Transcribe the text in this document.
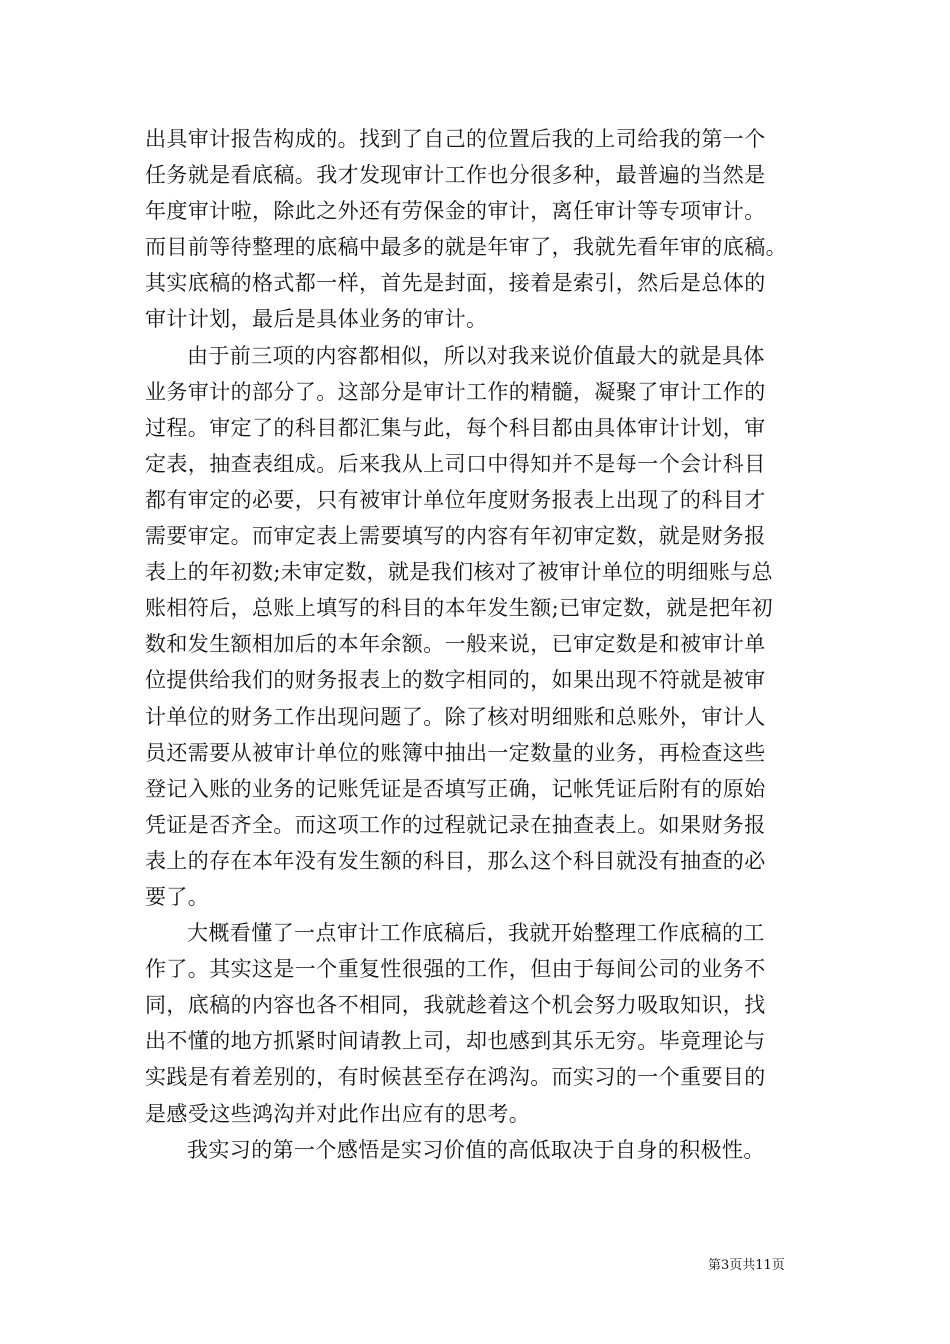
出具审计报告构成的。找到了自己的位置后我的上司给我的第一个
任务就是看底稿。我才发现审计工作也分很多种，最普遍的当然是
年度审计啦，除此之外还有劳保金的审计，离任审计等专项审计。
而目前等待整理的底稿中最多的就是年审了，我就先看年审的底稿。
其实底稿的格式都一样，首先是封面，接着是索引，然后是总体的
审计计划，最后是具体业务的审计。
由于前三项的内容都相似，所以对我来说价值最大的就是具体
业务审计的部分了。这部分是审计工作的精髓，凝聚了审计工作的
过程。审定了的科目都汇集与此，每个科目都由具体审计计划，审
定表，抽查表组成。后来我从上司口中得知并不是每一个会计科目
都有审定的必要，只有被审计单位年度财务报表上出现了的科目才
需要审定。而审定表上需要填写的内容有年初审定数，就是财务报
表上的年初数;未审定数，就是我们核对了被审计单位的明细账与总
账相符后，总账上填写的科目的本年发生额;已审定数，就是把年初
数和发生额相加后的本年余额。一般来说，已审定数是和被审计单
位提供给我们的财务报表上的数字相同的，如果出现不符就是被审
计单位的财务工作出现问题了。除了核对明细账和总账外，审计人
员还需要从被审计单位的账簿中抽出一定数量的业务，再检查这些
登记入账的业务的记账凭证是否填写正确，记帐凭证后附有的原始
凭证是否齐全。而这项工作的过程就记录在抽查表上。如果财务报
表上的存在本年没有发生额的科目，那么这个科目就没有抽查的必
要了。
大概看懂了一点审计工作底稿后，我就开始整理工作底稿的工
作了。其实这是一个重复性很强的工作，但由于每间公司的业务不
同，底稿的内容也各不相同，我就趁着这个机会努力吸取知识，找
出不懂的地方抓紧时间请教上司，却也感到其乐无穷。毕竟理论与
实践是有着差别的，有时候甚至存在鸿沟。而实习的一个重要目的
是感受这些鸿沟并对此作出应有的思考。
我实习的第一个感悟是实习价值的高低取决于自身的积极性。
第3页共11页
